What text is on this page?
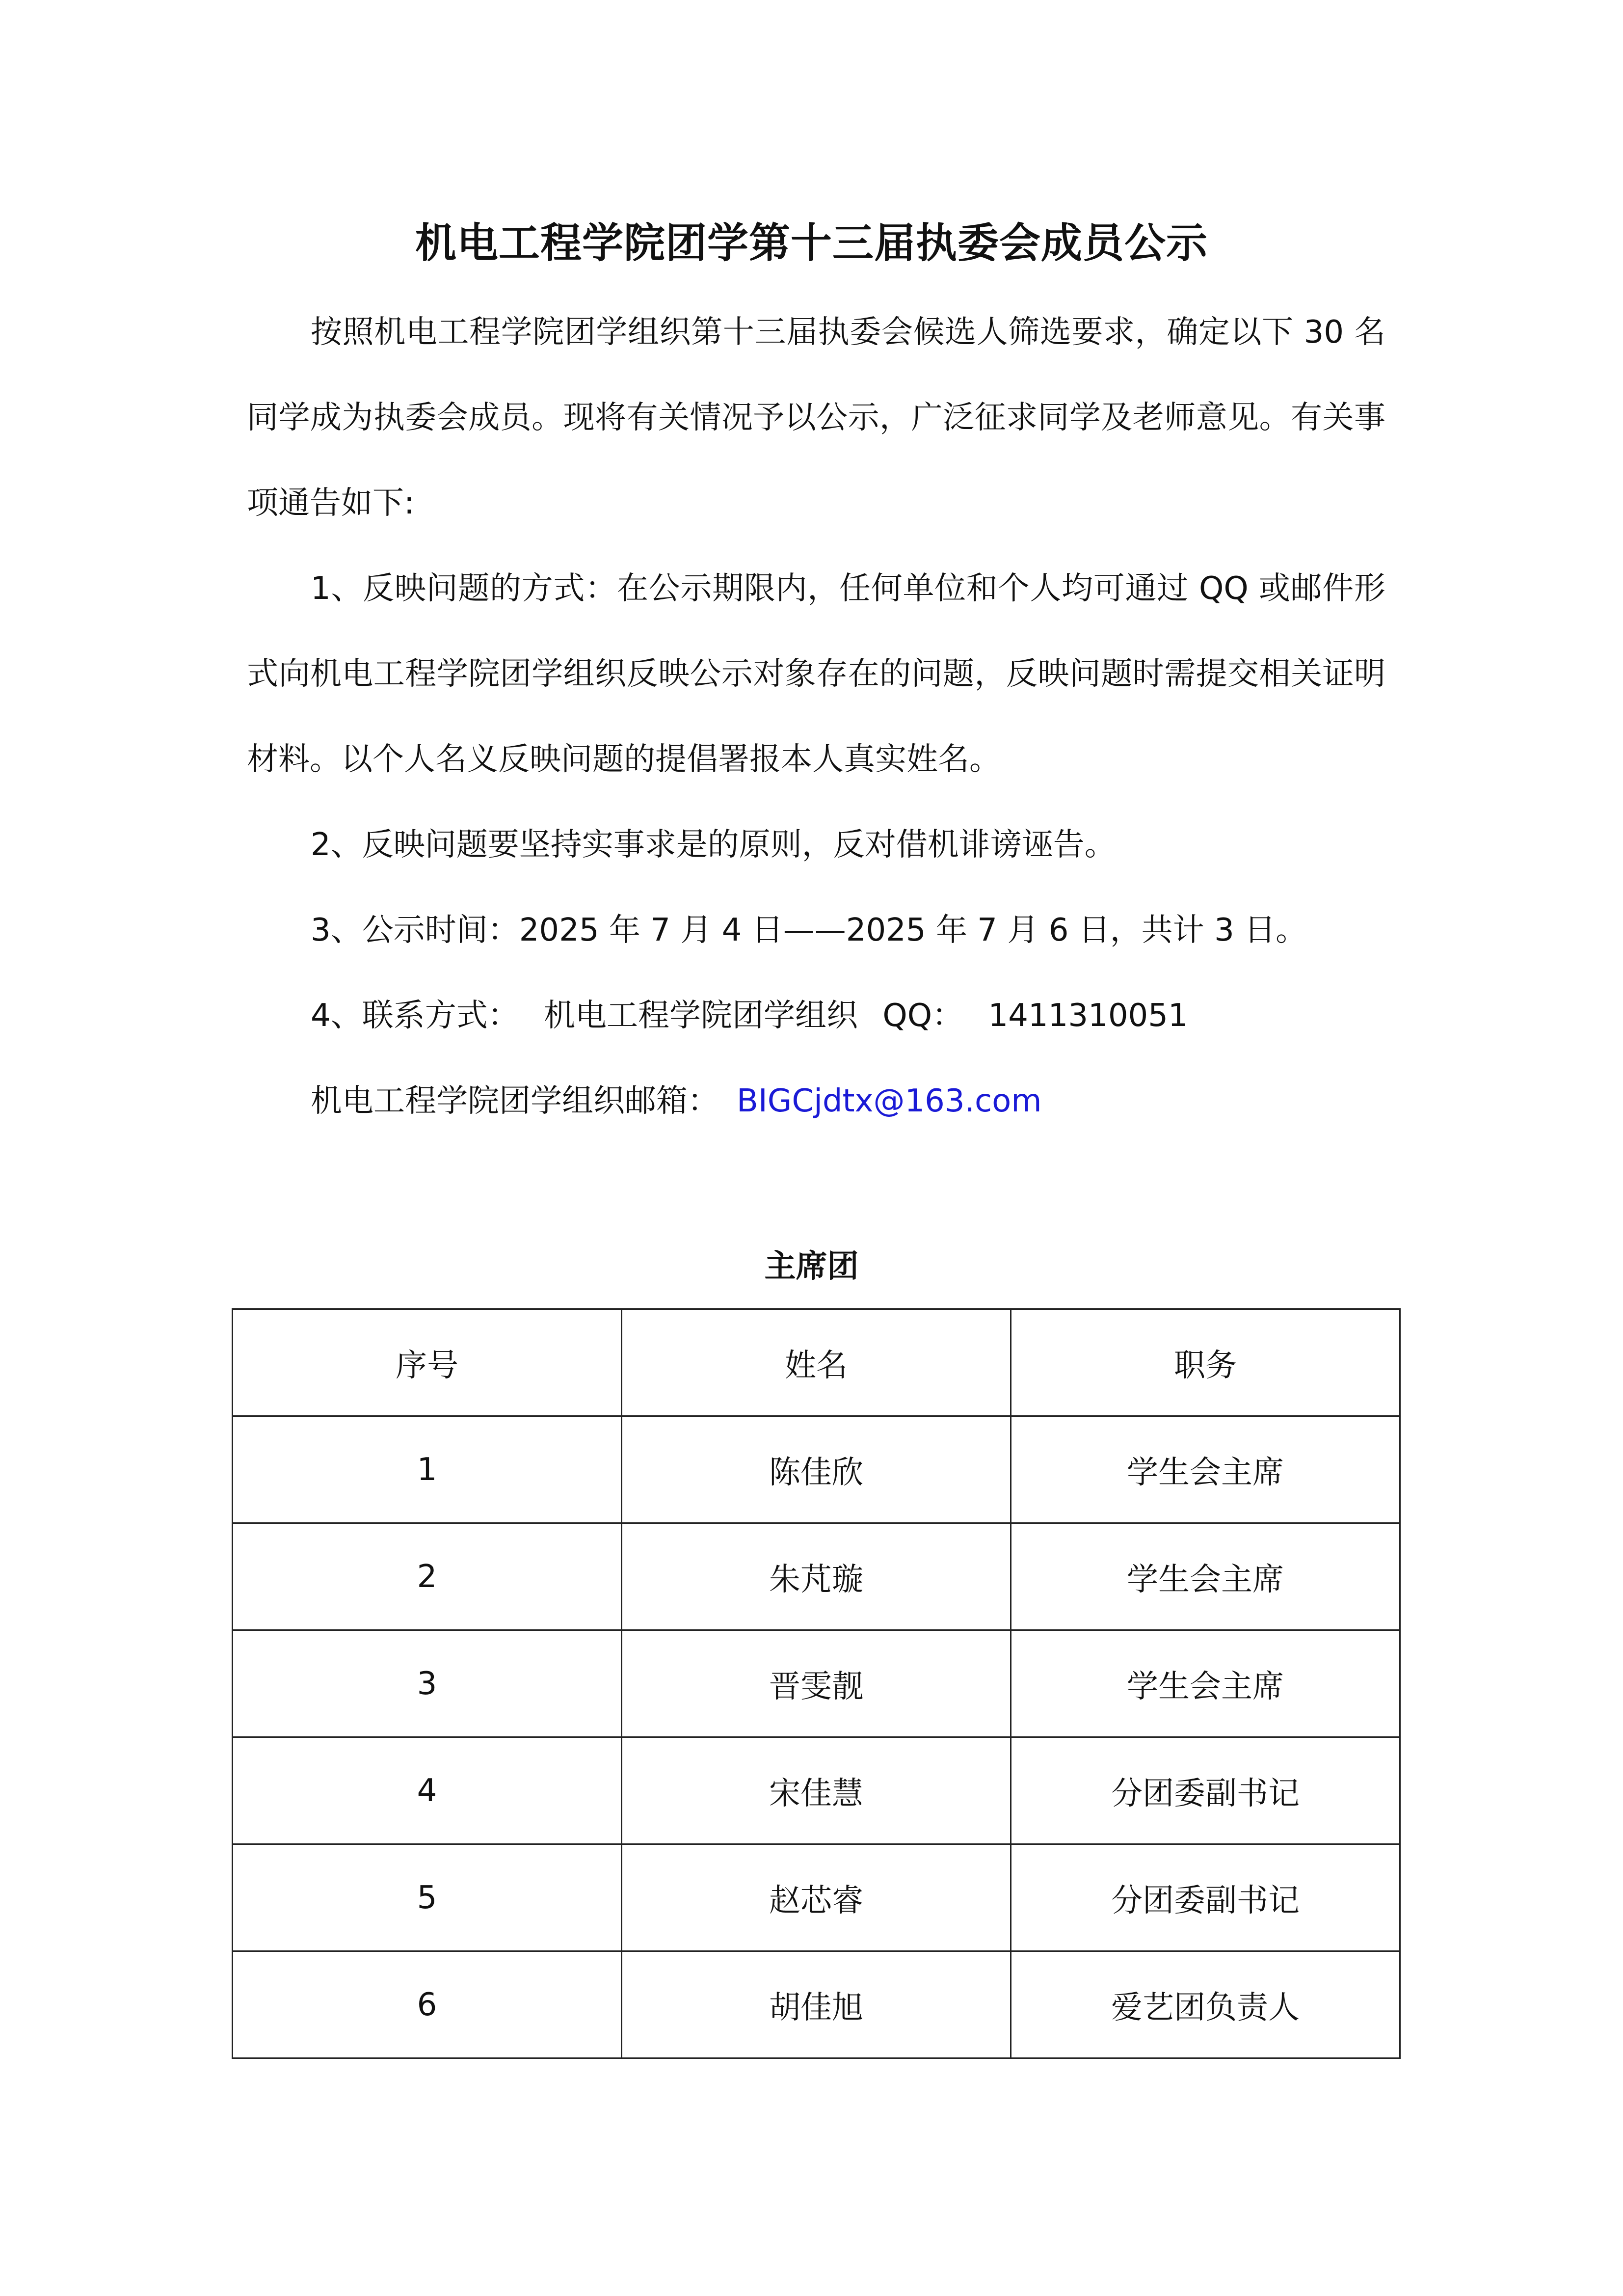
机电工程学院团学第十三届执委会成员公示

按照机电工程学院团学组织第十三届执委会候选人筛选要求，确定以下 30 名同学成为执委会成员。现将有关情况予以公示，广泛征求同学及老师意见。有关事项通告如下:

1、反映问题的方式：在公示期限内，任何单位和个人均可通过 QQ 或邮件形式向机电工程学院团学组织反映公示对象存在的问题，反映问题时需提交相关证明材料。以个人名义反映问题的提倡署报本人真实姓名。

2、反映问题要坚持实事求是的原则，反对借机诽谤诬告。

3、公示时间：2025 年 7 月 4 日——2025 年 7 月 6 日，共计 3 日。

4、联系方式： 机电工程学院团学组织 QQ： 1411310051

机电工程学院团学组织邮箱： BIGCjdtx@163.com

主席团
序号	姓名	职务
1	陈佳欣	学生会主席
2	朱芃璇	学生会主席
3	晋雯靓	学生会主席
4	宋佳慧	分团委副书记
5	赵芯睿	分团委副书记
6	胡佳旭	爱艺团负责人
